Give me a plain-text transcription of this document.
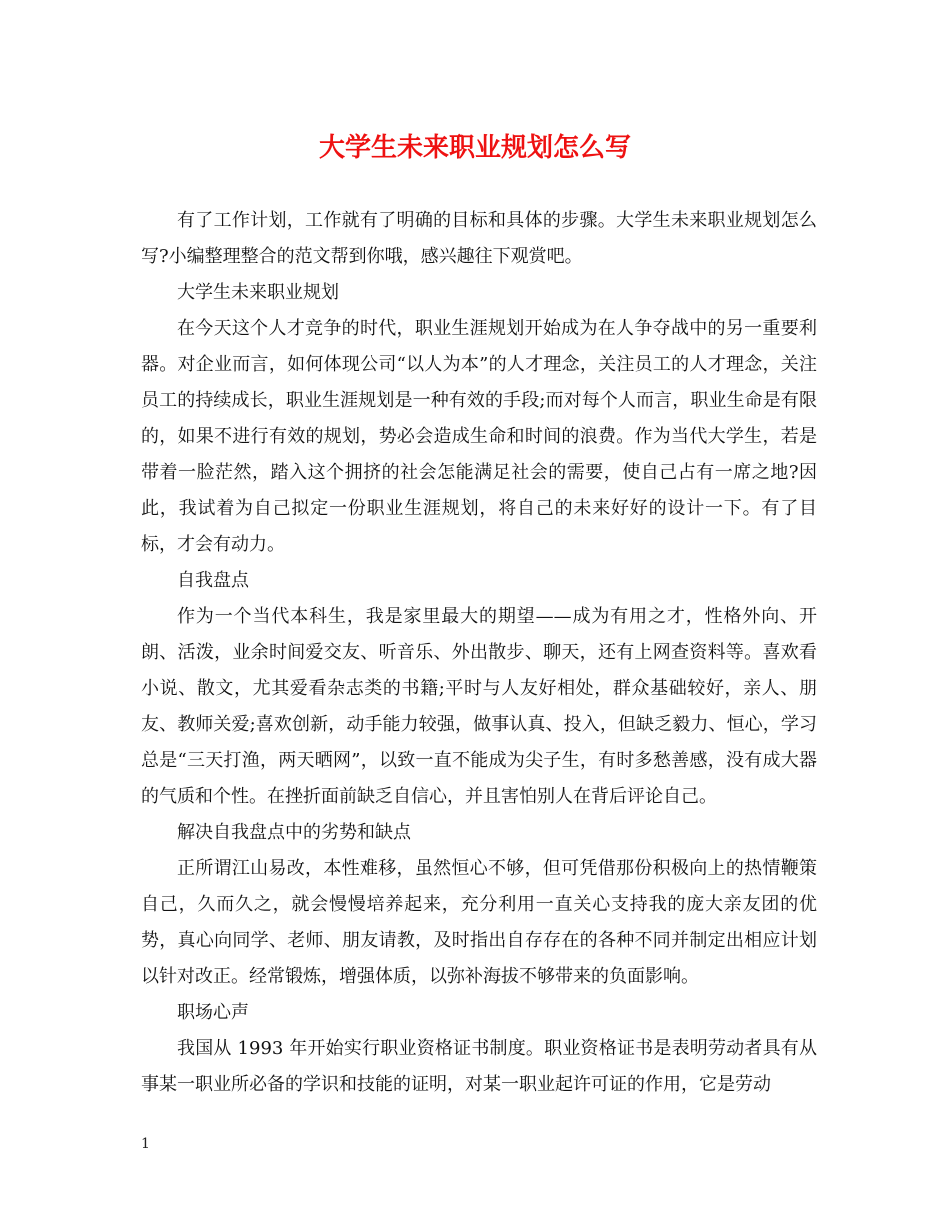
大学生未来职业规划怎么写

有了工作计划，工作就有了明确的目标和具体的步骤。大学生未来职业规划怎么写?小编整理整合的范文帮到你哦，感兴趣往下观赏吧。

大学生未来职业规划

在今天这个人才竞争的时代，职业生涯规划开始成为在人争夺战中的另一重要利器。对企业而言，如何体现公司“以人为本”的人才理念，关注员工的人才理念，关注员工的持续成长，职业生涯规划是一种有效的手段;而对每个人而言，职业生命是有限的，如果不进行有效的规划，势必会造成生命和时间的浪费。作为当代大学生，若是带着一脸茫然，踏入这个拥挤的社会怎能满足社会的需要，使自己占有一席之地?因此，我试着为自己拟定一份职业生涯规划，将自己的未来好好的设计一下。有了目标，才会有动力。

自我盘点

作为一个当代本科生，我是家里最大的期望——成为有用之才，性格外向、开朗、活泼，业余时间爱交友、听音乐、外出散步、聊天，还有上网查资料等。喜欢看小说、散文，尤其爱看杂志类的书籍;平时与人友好相处，群众基础较好，亲人、朋友、教师关爱;喜欢创新，动手能力较强，做事认真、投入，但缺乏毅力、恒心，学习总是“三天打渔，两天晒网”，以致一直不能成为尖子生，有时多愁善感，没有成大器的气质和个性。在挫折面前缺乏自信心，并且害怕别人在背后评论自己。

解决自我盘点中的劣势和缺点

正所谓江山易改，本性难移，虽然恒心不够，但可凭借那份积极向上的热情鞭策自己，久而久之，就会慢慢培养起来，充分利用一直关心支持我的庞大亲友团的优势，真心向同学、老师、朋友请教，及时指出自存存在的各种不同并制定出相应计划以针对改正。经常锻炼，增强体质，以弥补海拔不够带来的负面影响。

职场心声

我国从 1993 年开始实行职业资格证书制度。职业资格证书是表明劳动者具有从事某一职业所必备的学识和技能的证明，对某一职业起许可证的作用，它是劳动

1
